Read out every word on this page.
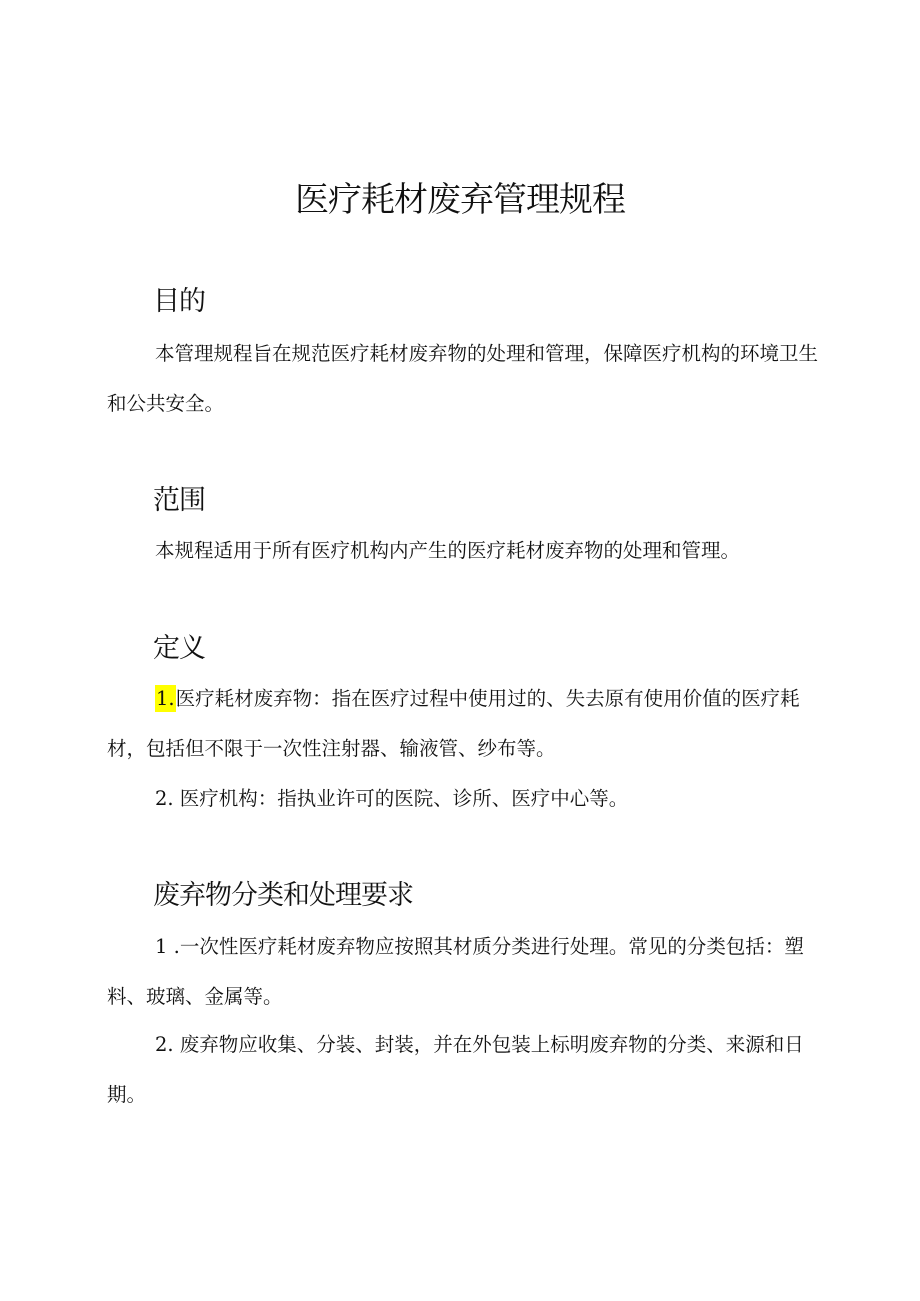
医疗耗材废弃管理规程
目的

本管理规程旨在规范医疗耗材废弃物的处理和管理，保障医疗机构的环境卫生和公共安全。

范围

本规程适用于所有医疗机构内产生的医疗耗材废弃物的处理和管理。

定义

1.医疗耗材废弃物：指在医疗过程中使用过的、失去原有使用价值的医疗耗材，包括但不限于一次性注射器、输液管、纱布等。

2. 医疗机构：指执业许可的医院、诊所、医疗中心等。

废弃物分类和处理要求

1 .一次性医疗耗材废弃物应按照其材质分类进行处理。常见的分类包括：塑料、玻璃、金属等。

2. 废弃物应收集、分装、封装，并在外包装上标明废弃物的分类、来源和日期。
